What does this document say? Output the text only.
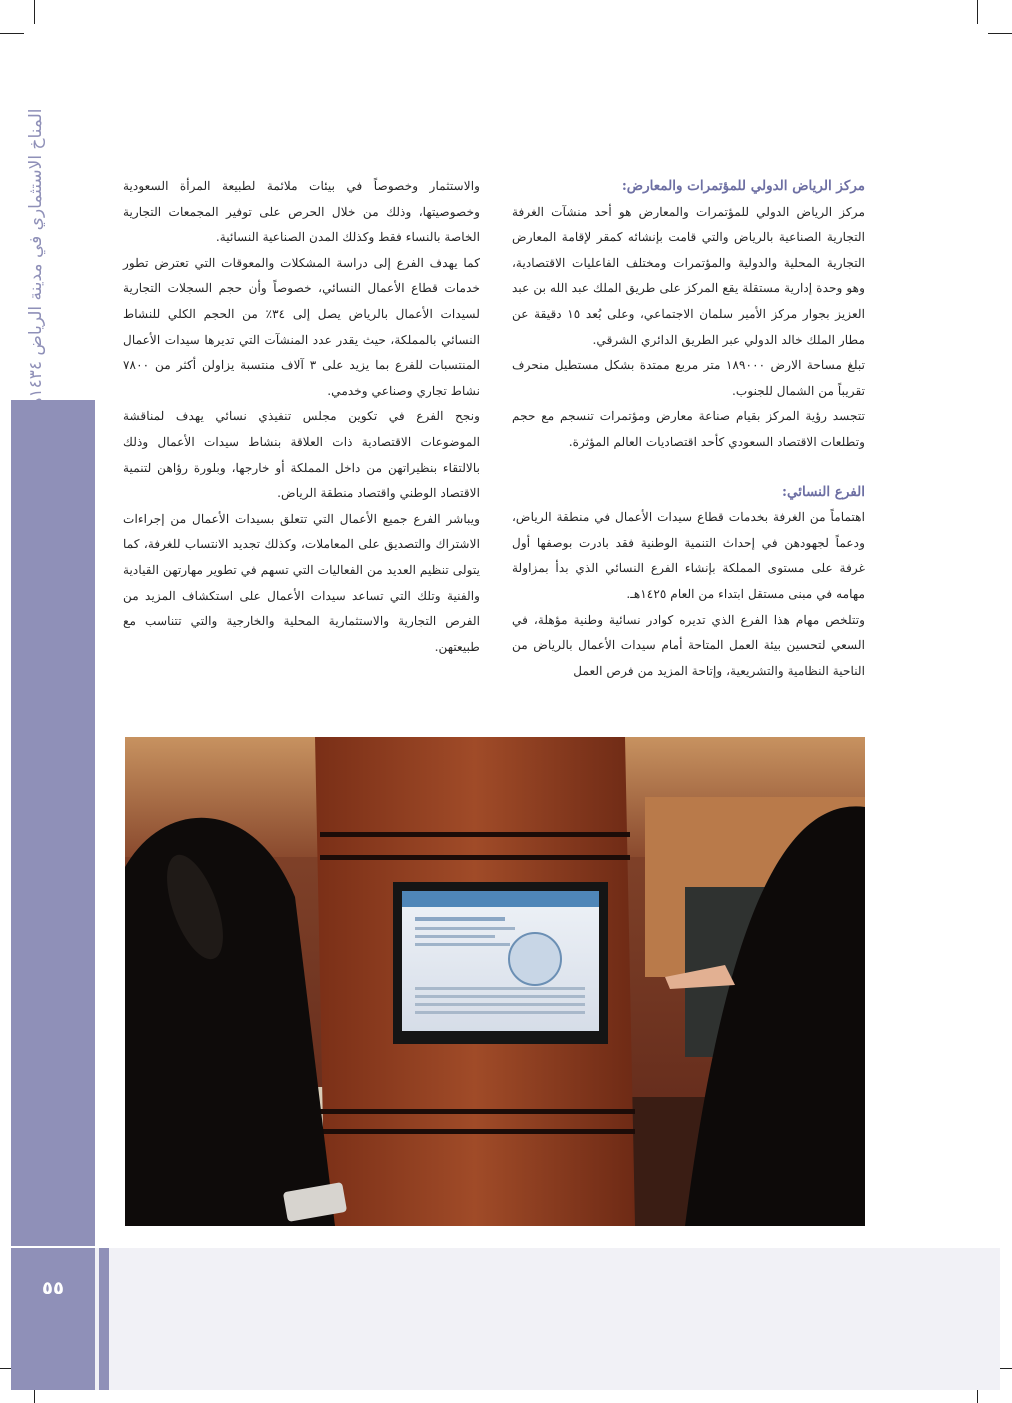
المناخ الاستثماري في مدينة الرياض ١٤٣٤
٥٥
مركز الرياض الدولي للمؤتمرات والمعارض:

مركز الرياض الدولي للمؤتمرات والمعارض هو أحد منشآت الغرفة التجارية الصناعية بالرياض والتي قامت بإنشائه كمقر لإقامة المعارض التجارية المحلية والدولية والمؤتمرات ومختلف الفاعليات الاقتصادية، وهو وحدة إدارية مستقلة يقع المركز على طريق الملك عبد الله بن عبد العزيز بجوار مركز الأمير سلمان الاجتماعي، وعلى بُعد ١٥ دقيقة عن مطار الملك خالد الدولي عبر الطريق الدائري الشرقي.

تبلغ مساحة الارض ١٨٩٠٠٠ متر مربع ممتدة بشكل مستطيل منحرف تقريباً من الشمال للجنوب.

تتجسد رؤية المركز بقيام صناعة معارض ومؤتمرات تنسجم مع حجم وتطلعات الاقتصاد السعودي كأحد اقتصاديات العالم المؤثرة.

الفرع النسائي:

اهتماماً من الغرفة بخدمات قطاع سيدات الأعمال في منطقة الرياض، ودعماً لجهودهن في إحداث التنمية الوطنية فقد بادرت بوصفها أول غرفة على مستوى المملكة بإنشاء الفرع النسائي الذي بدأ بمزاولة مهامه في مبنى مستقل ابتداء من العام ١٤٢٥هـ.

وتتلخص مهام هذا الفرع الذي تديره كوادر نسائية وطنية مؤهلة، في السعي لتحسين بيئة العمل المتاحة أمام سيدات الأعمال بالرياض من الناحية النظامية والتشريعية، وإتاحة المزيد من فرص العمل

والاستثمار وخصوصاً في بيئات ملائمة لطبيعة المرأة السعودية وخصوصيتها، وذلك من خلال الحرص على توفير المجمعات التجارية الخاصة بالنساء فقط وكذلك المدن الصناعية النسائية.

كما يهدف الفرع إلى دراسة المشكلات والمعوقات التي تعترض تطور خدمات قطاع الأعمال النسائي، خصوصاً وأن حجم السجلات التجارية لسيدات الأعمال بالرياض يصل إلى ٣٤٪ من الحجم الكلي للنشاط النسائي بالمملكة، حيث يقدر عدد المنشآت التي تديرها سيدات الأعمال المنتسبات للفرع بما يزيد على ٣ آلاف منتسبة يزاولن أكثر من ٧٨٠٠ نشاط تجاري وصناعي وخدمي.

ونجح الفرع في تكوين مجلس تنفيذي نسائي يهدف لمناقشة الموضوعات الاقتصادية ذات العلاقة بنشاط سيدات الأعمال وذلك بالالتقاء بنظيراتهن من داخل المملكة أو خارجها، وبلورة رؤاهن لتنمية الاقتصاد الوطني واقتصاد منطقة الرياض.

ويباشر الفرع جميع الأعمال التي تتعلق بسيدات الأعمال من إجراءات الاشتراك والتصديق على المعاملات، وكذلك تجديد الانتساب للغرفة، كما يتولى تنظيم العديد من الفعاليات التي تسهم في تطوير مهارتهن القيادية والفنية وتلك التي تساعد سيدات الأعمال على استكشاف المزيد من الفرص التجارية والاستثمارية المحلية والخارجية والتي تتناسب مع طبيعتهن.
